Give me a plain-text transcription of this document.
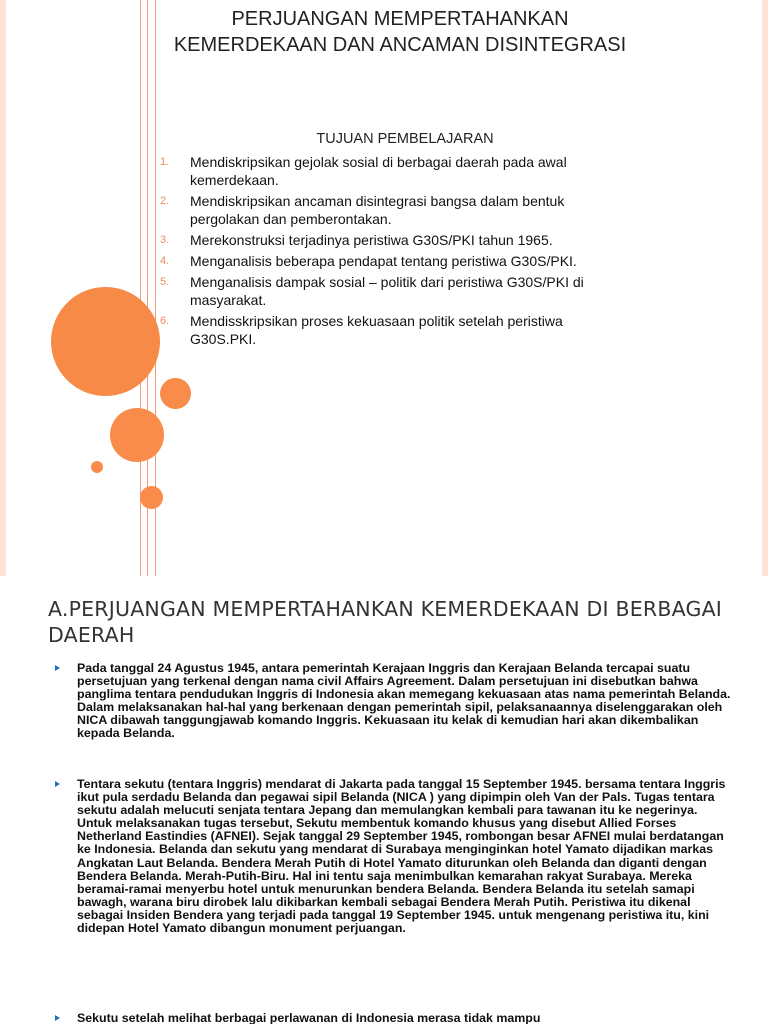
PERJUANGAN MEMPERTAHANKAN KEMERDEKAAN DAN ANCAMAN DISINTEGRASI
TUJUAN PEMBELAJARAN
1. Mendiskripsikan gejolak sosial di berbagai daerah pada awal kemerdekaan.
2. Mendiskripsikan ancaman disintegrasi bangsa dalam bentuk pergolakan dan pemberontakan.
3. Merekonstruksi terjadinya peristiwa G30S/PKI tahun 1965.
4. Menganalisis beberapa pendapat tentang peristiwa G30S/PKI.
5. Menganalisis dampak sosial – politik dari peristiwa G30S/PKI di masyarakat.
6. Mendisskripsikan proses kekuasaan politik setelah peristiwa G30S.PKI.
A.PERJUANGAN MEMPERTAHANKAN KEMERDEKAAN DI BERBAGAI DAERAH
Pada tanggal 24 Agustus 1945, antara pemerintah Kerajaan Inggris dan Kerajaan Belanda tercapai suatu persetujuan yang terkenal dengan nama civil Affairs Agreement. Dalam persetujuan ini disebutkan bahwa panglima tentara pendudukan Inggris di Indonesia akan memegang kekuasaan atas nama pemerintah Belanda. Dalam melaksanakan hal-hal yang berkenaan dengan pemerintah sipil, pelaksanaannya diselenggarakan oleh NICA dibawah tanggungjawab komando Inggris. Kekuasaan itu kelak di kemudian hari akan dikembalikan kepada Belanda.
Tentara sekutu (tentara Inggris) mendarat di Jakarta pada tanggal 15 September 1945. bersama tentara Inggris ikut pula serdadu Belanda dan pegawai sipil Belanda (NICA ) yang dipimpin oleh Van der Pals. Tugas tentara sekutu adalah melucuti senjata tentara Jepang dan memulangkan kembali para tawanan itu ke negerinya. Untuk melaksanakan tugas tersebut, Sekutu membentuk komando khusus yang disebut Allied Forses Netherland Eastindies (AFNEI). Sejak tanggal 29 September 1945, rombongan besar AFNEI mulai berdatangan ke Indonesia. Belanda dan sekutu yang mendarat di Surabaya menginginkan hotel Yamato dijadikan markas Angkatan Laut Belanda. Bendera Merah Putih di Hotel Yamato diturunkan oleh Belanda dan diganti dengan Bendera Belanda. Merah-Putih-Biru. Hal ini tentu saja menimbulkan kemarahan rakyat Surabaya. Mereka beramai-ramai menyerbu hotel untuk menurunkan bendera Belanda. Bendera Belanda itu setelah samapi bawagh, warana biru dirobek lalu dikibarkan kembali sebagai Bendera Merah Putih. Peristiwa itu dikenal sebagai Insiden Bendera yang terjadi pada tanggal 19 September 1945. untuk mengenang peristiwa itu, kini didepan Hotel Yamato dibangun monument perjuangan.
Sekutu setelah melihat berbagai perlawanan di Indonesia merasa tidak mampu
